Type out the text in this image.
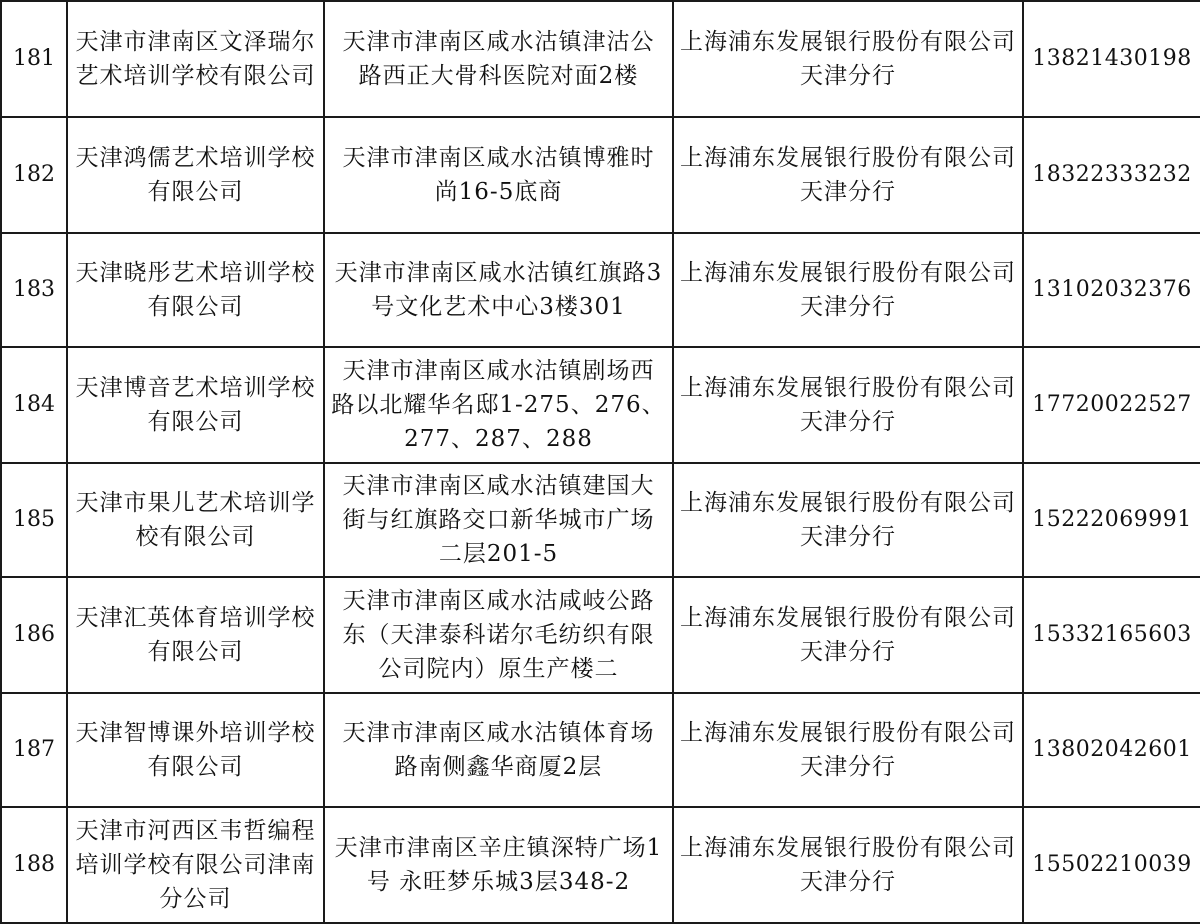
181	天津市津南区文泽瑞尔艺术培训学校有限公司	天津市津南区咸水沽镇津沽公路西正大骨科医院对面2楼	上海浦东发展银行股份有限公司天津分行	13821430198
182	天津鸿儒艺术培训学校有限公司	天津市津南区咸水沽镇博雅时尚16-5底商	上海浦东发展银行股份有限公司天津分行	18322333232
183	天津晓彤艺术培训学校有限公司	天津市津南区咸水沽镇红旗路3号文化艺术中心3楼301	上海浦东发展银行股份有限公司天津分行	13102032376
184	天津博音艺术培训学校有限公司	天津市津南区咸水沽镇剧场西路以北耀华名邸1-275、276、277、287、288	上海浦东发展银行股份有限公司天津分行	17720022527
185	天津市果儿艺术培训学校有限公司	天津市津南区咸水沽镇建国大街与红旗路交口新华城市广场二层201-5	上海浦东发展银行股份有限公司天津分行	15222069991
186	天津汇英体育培训学校有限公司	天津市津南区咸水沽咸岐公路东（天津泰科诺尔毛纺织有限公司院内）原生产楼二	上海浦东发展银行股份有限公司天津分行	15332165603
187	天津智博课外培训学校有限公司	天津市津南区咸水沽镇体育场路南侧鑫华商厦2层	上海浦东发展银行股份有限公司天津分行	13802042601
188	天津市河西区韦哲编程培训学校有限公司津南分公司	天津市津南区辛庄镇深特广场1号 永旺梦乐城3层348-2	上海浦东发展银行股份有限公司天津分行	15502210039
